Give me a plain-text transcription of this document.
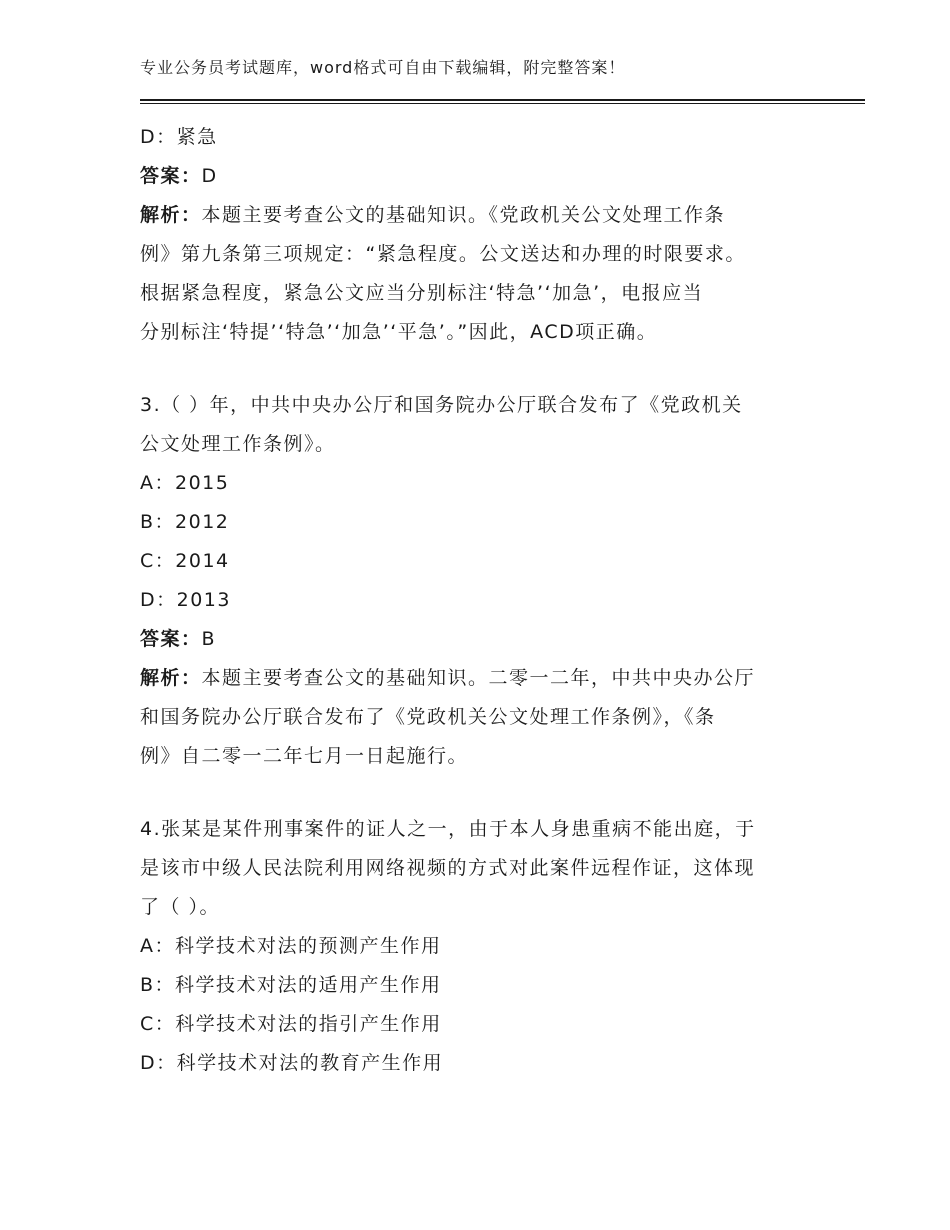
专业公务员考试题库，word格式可自由下载编辑，附完整答案！
D：紧急
答案：D
解析：本题主要考查公文的基础知识。《党政机关公文处理工作条
例》第九条第三项规定：“紧急程度。公文送达和办理的时限要求。
根据紧急程度，紧急公文应当分别标注‘特急’‘加急’，电报应当
分别标注‘特提’‘特急’‘加急’‘平急’。”因此，ACD项正确。
3.（ ）年，中共中央办公厅和国务院办公厅联合发布了《党政机关
公文处理工作条例》。
A：2015
B：2012
C：2014
D：2013
答案：B
解析：本题主要考查公文的基础知识。二零一二年，中共中央办公厅
和国务院办公厅联合发布了《党政机关公文处理工作条例》，《条
例》自二零一二年七月一日起施行。
4.张某是某件刑事案件的证人之一，由于本人身患重病不能出庭，于
是该市中级人民法院利用网络视频的方式对此案件远程作证，这体现
了（ ）。
A：科学技术对法的预测产生作用
B：科学技术对法的适用产生作用
C：科学技术对法的指引产生作用
D：科学技术对法的教育产生作用
